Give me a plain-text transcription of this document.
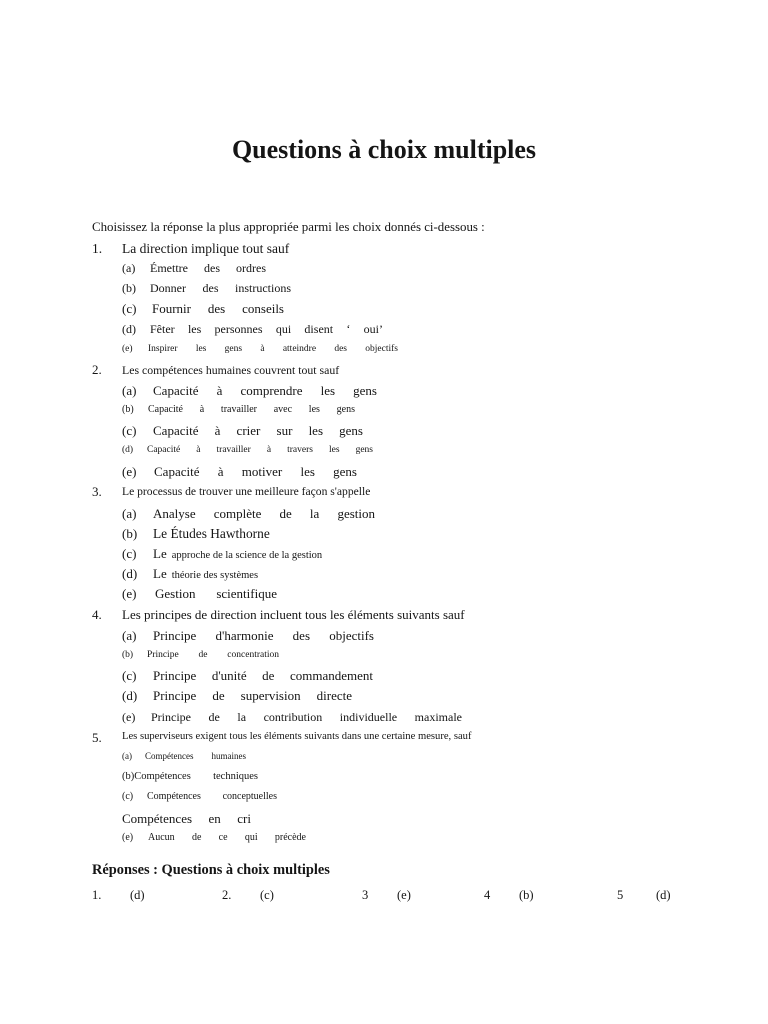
Questions à choix multiples
Choisissez la réponse la plus appropriée parmi les choix donnés ci-dessous :
1. La direction implique tout sauf
(a) Émettre des ordres
(b) Donner des instructions
(c) Fournir des conseils
(d) Fêter les personnes qui disent ‘ oui’
(e) Inspirer les gens à atteindre des objectifs
2. Les compétences humaines couvrent tout sauf
(a) Capacité à comprendre les gens
(b) Capacité à travailler avec les gens
(c) Capacité à crier sur les gens
(d) Capacité à travailler à travers les gens
(e) Capacité à motiver les gens
3. Le processus de trouver une meilleure façon s'appelle
(a) Analyse complète de la gestion
(b) Le Études Hawthorne
(c) Le approche de la science de la gestion
(d) Le théorie des systèmes
(e) Gestion scientifique
4. Les principes de direction incluent tous les éléments suivants sauf
(a) Principe d'harmonie des objectifs
(b) Principe de concentration
(c) Principe d'unité de commandement
(d) Principe de supervision directe
(e) Principe de la contribution individuelle maximale
5. Les superviseurs exigent tous les éléments suivants dans une certaine mesure, sauf
(a) Compétences humaines
(b)Compétences techniques
(c) Compétences conceptuelles
Compétences en cri
(e) Aucun de ce qui précède
Réponses : Questions à choix multiples
1. (d)	2. (c)	3 (e)	4 (b)	5	(d)
